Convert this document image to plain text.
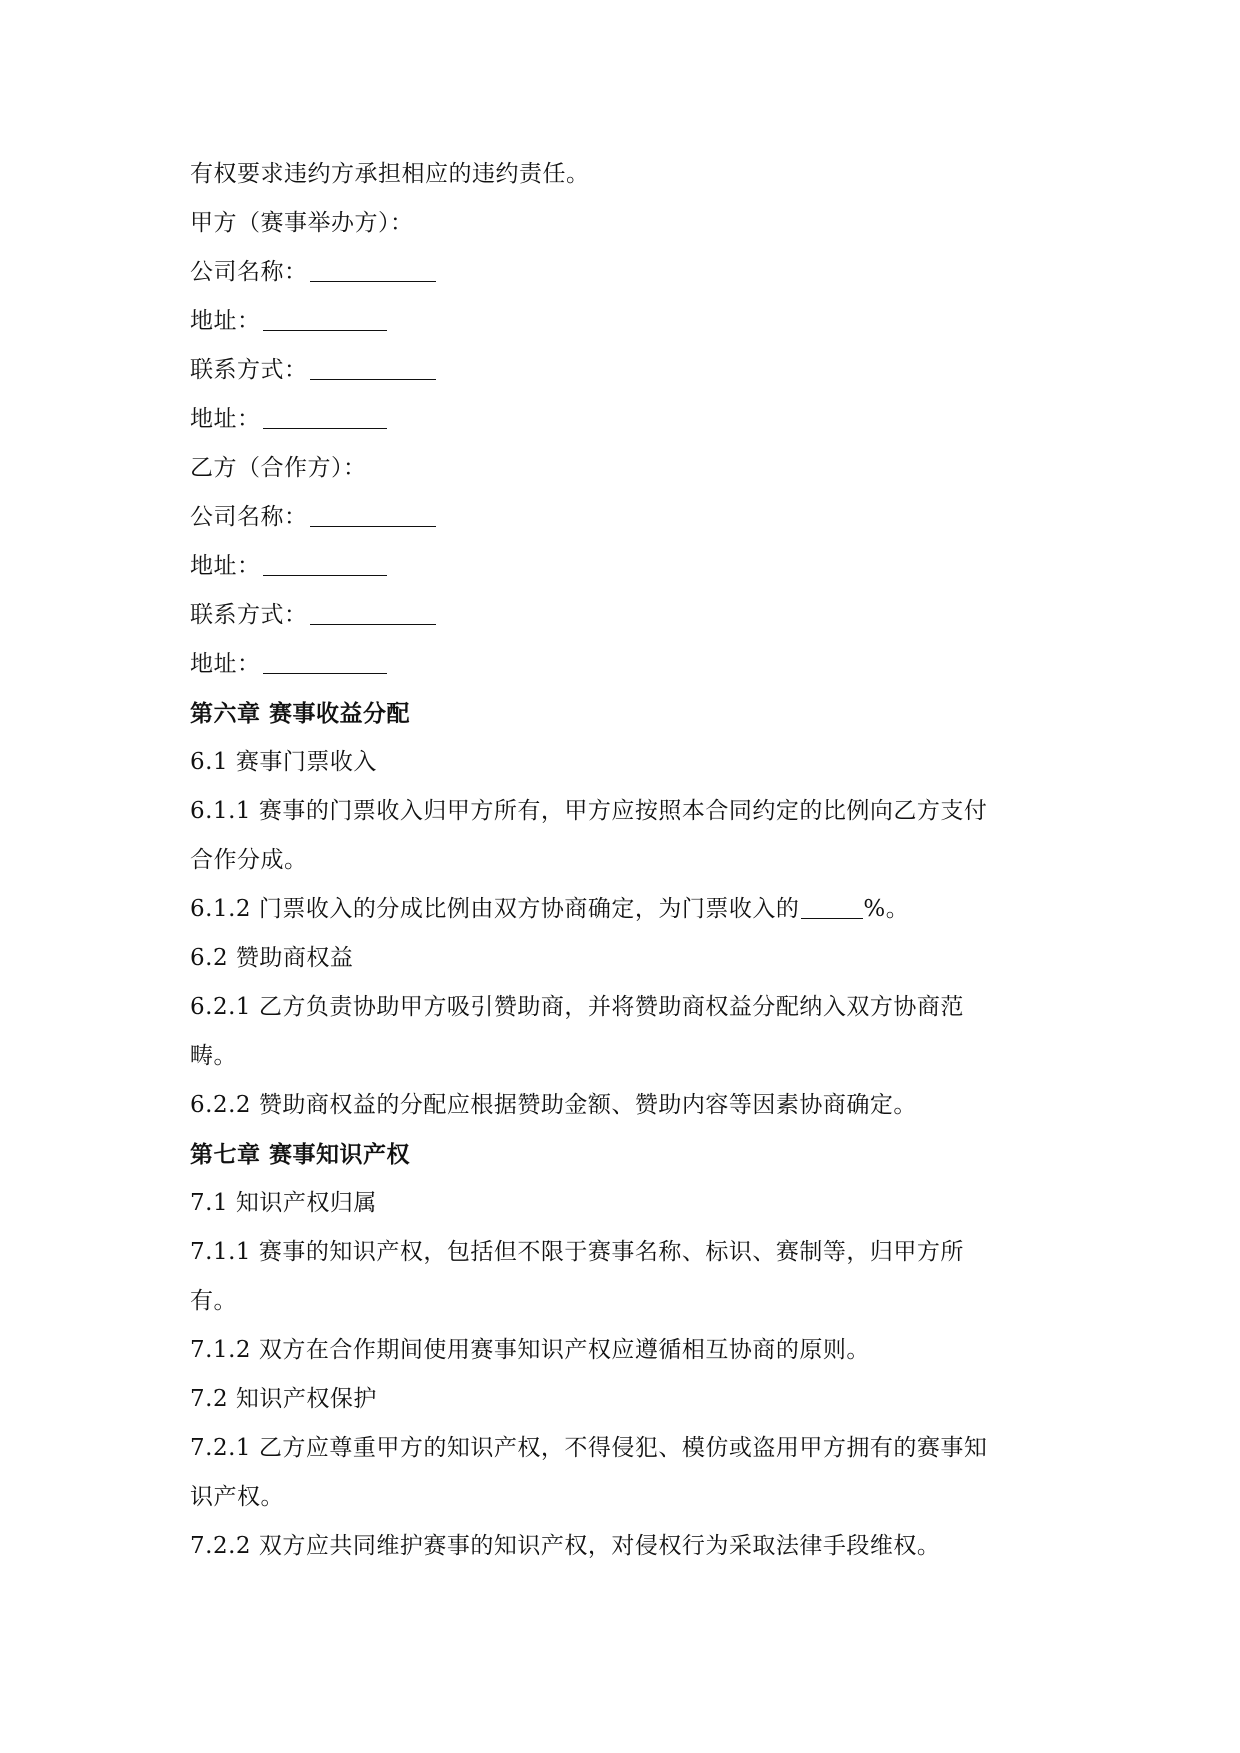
有权要求违约方承担相应的违约责任。
甲方（赛事举办方）：
公司名称：
地址：
联系方式：
地址：
乙方（合作方）：
公司名称：
地址：
联系方式：
地址：
第六章 赛事收益分配
6.1 赛事门票收入
6.1.1 赛事的门票收入归甲方所有，甲方应按照本合同约定的比例向乙方支付
合作分成。
6.1.2 门票收入的分成比例由双方协商确定，为门票收入的	%。
6.2 赞助商权益
6.2.1 乙方负责协助甲方吸引赞助商，并将赞助商权益分配纳入双方协商范
畴。
6.2.2 赞助商权益的分配应根据赞助金额、赞助内容等因素协商确定。
第七章 赛事知识产权
7.1 知识产权归属
7.1.1 赛事的知识产权，包括但不限于赛事名称、标识、赛制等，归甲方所
有。
7.1.2 双方在合作期间使用赛事知识产权应遵循相互协商的原则。
7.2 知识产权保护
7.2.1 乙方应尊重甲方的知识产权，不得侵犯、模仿或盗用甲方拥有的赛事知
识产权。
7.2.2 双方应共同维护赛事的知识产权，对侵权行为采取法律手段维权。
